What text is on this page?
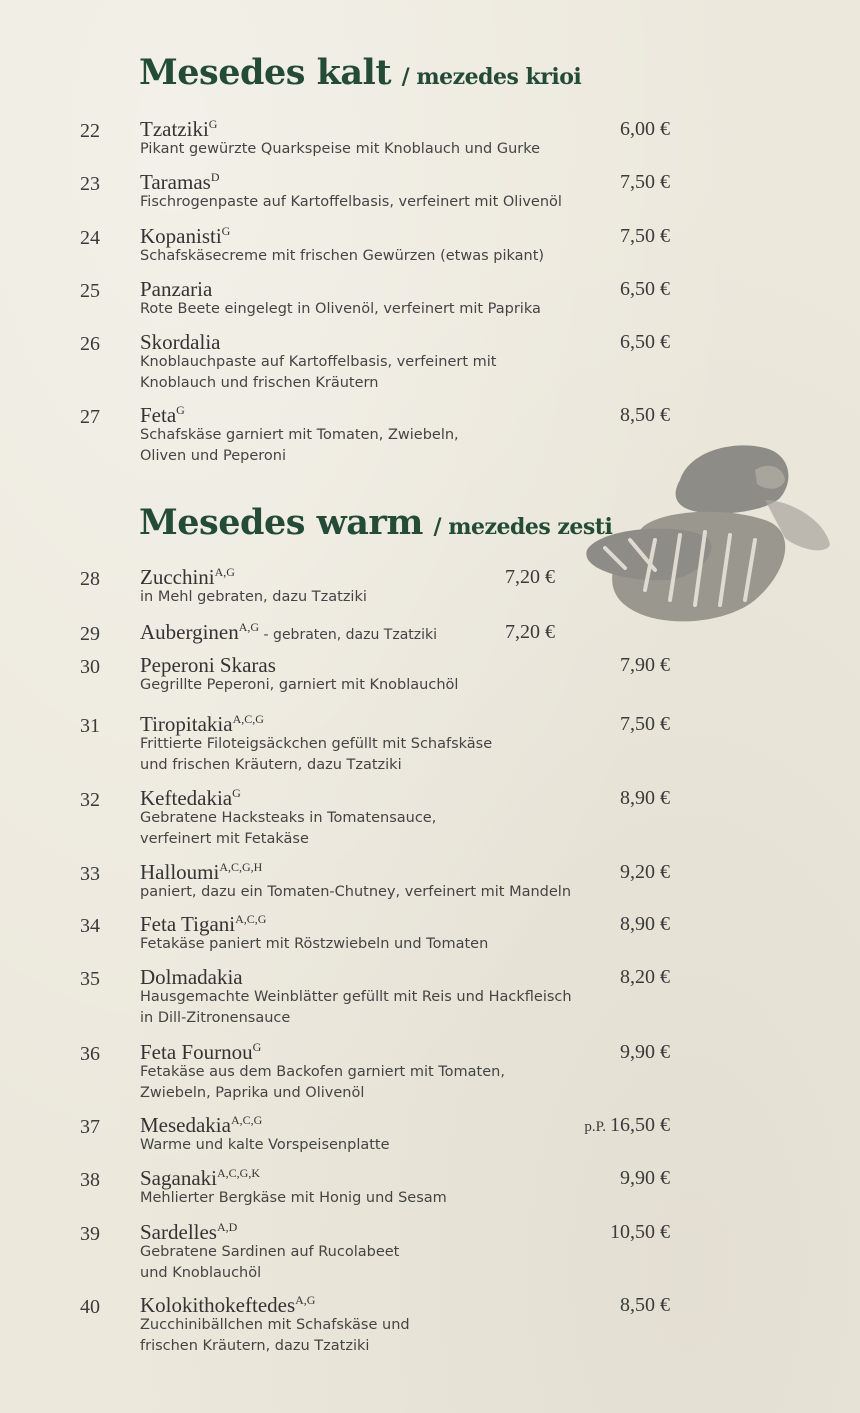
Mesedes kalt / mezedes krioi
22 Tzatziki$^G$	6,00 €
Pikant gewürzte Quarkspeise mit Knoblauch und Gurke
23 Taramas$^D$	7,50 €
Fischrogenpaste auf Kartoffelbasis, verfeinert mit Olivenöl
24 Kopanisti$^G$	7,50 €
Schafskäsecreme mit frischen Gewürzen (etwas pikant)
25 Panzaria	6,50 €
Rote Beete eingelegt in Olivenöl, verfeinert mit Paprika
26 Skordalia	6,50 €
Knoblauchpaste auf Kartoffelbasis, verfeinert mit
Knoblauch und frischen Kräutern
27 Feta$^G$	8,50 €
Schafskäse garniert mit Tomaten, Zwiebeln,
Oliven und Peperoni
Mesedes warm / mezedes zesti
28 Zucchini$^{A,G}$	7,20 €
in Mehl gebraten, dazu Tzatziki
29 Auberginen$^{A,G}$ - gebraten, dazu Tzatziki	7,20 €
30 Peperoni Skaras	7,90 €
Gegrillte Peperoni, garniert mit Knoblauchöl
31 Tiropitakia$^{A,C,G}$	7,50 €
Frittierte Filoteigsäckchen gefüllt mit Schafskäse
und frischen Kräutern, dazu Tzatziki
32 Keftedakia$^G$	8,90 €
Gebratene Hacksteaks in Tomatensauce,
verfeinert mit Fetakäse
33 Halloumi$^{A,C,G,H}$	9,20 €
paniert, dazu ein Tomaten-Chutney, verfeinert mit Mandeln
34 Feta Tigani$^{A,C,G}$	8,90 €
Fetakäse paniert mit Röstzwiebeln und Tomaten
35 Dolmadakia	8,20 €
Hausgemachte Weinblätter gefüllt mit Reis und Hackfleisch
in Dill-Zitronensauce
36 Feta Fournou$^G$	9,90 €
Fetakäse aus dem Backofen garniert mit Tomaten,
Zwiebeln, Paprika und Olivenöl
37 Mesedakia$^{A,C,G}$	p.P. 16,50 €
Warme und kalte Vorspeisenplatte
38 Saganaki$^{A,C,G,K}$	9,90 €
Mehlierter Bergkäse mit Honig und Sesam
39 Sardelles$^{A,D}$	10,50 €
Gebratene Sardinen auf Rucolabeet
und Knoblauchöl
40 Kolokithokeftedes$^{A,G}$	8,50 €
Zucchinibällchen mit Schafskäse und
frischen Kräutern, dazu Tzatziki
